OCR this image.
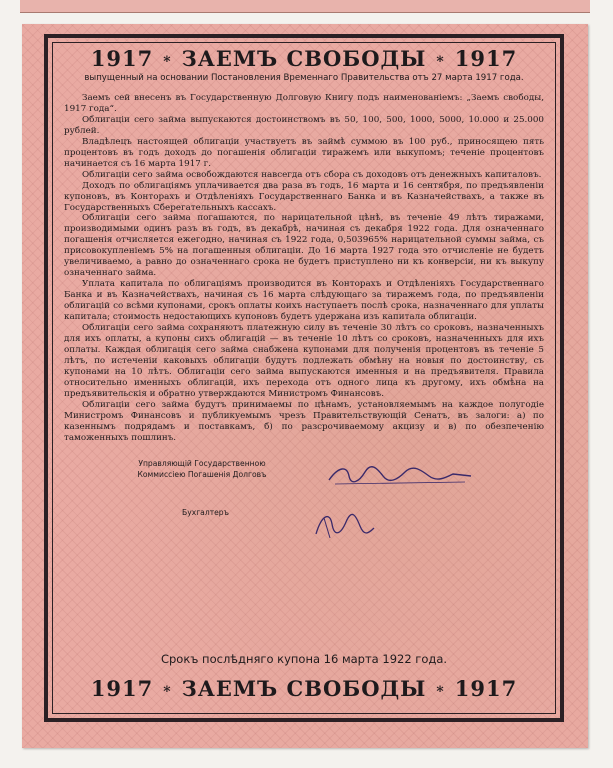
1917 * ЗАЕМЪ СВОБОДЫ * 1917
выпущенный на основании Постановления Временнаго Правительства отъ 27 марта 1917 года.

Заемъ сей внесенъ въ Государственную Долговую Книгу подъ наименованіемъ: „Заемъ свободы, 1917 года“.

Облигаціи сего займа выпускаются достоинствомъ въ 50, 100, 500, 1000, 5000, 10.000 и 25.000 рублей.

Владѣлецъ настоящей облигаціи участвуетъ въ займѣ суммою въ 100 руб., приносящею пять процентовъ въ годъ доходъ до погашенія облигаціи тиражемъ или выкупомъ; теченіе процентовъ начинается съ 16 марта 1917 г.

Облигаціи сего займа освобождаются навсегда отъ сбора съ доходовъ отъ денежныхъ капиталовъ.

Доходъ по облигаціямъ уплачивается два раза въ годъ, 16 марта и 16 сентября, по предъявленіи купоновъ, въ Конторахъ и Отдѣленіяхъ Государственнаго Банка и въ Казначействахъ, а также въ Государственныхъ Сберегательныхъ кассахъ.

Облигаціи сего займа погашаются, по нарицательной цѣнѣ, въ теченіе 49 лѣтъ тиражами, производимыми одинъ разъ въ годъ, въ декабрѣ, начиная съ декабря 1922 года. Для означеннаго погашенія отчисляется ежегодно, начиная съ 1922 года, 0,503965% нарицательной суммы займа, съ присовокупленіемъ 5% на погашенныя облигаціи. До 16 марта 1927 года это отчисленіе не будетъ увеличиваемо, а равно до означеннаго срока не будетъ приступлено ни къ конверсіи, ни къ выкупу означеннаго займа.

Уплата капитала по облигаціямъ производится въ Конторахъ и Отдѣленіяхъ Государственнаго Банка и въ Казначействахъ, начиная съ 16 марта слѣдующаго за тиражемъ года, по предъявленіи облигацій со всѣми купонами, срокъ оплаты коихъ наступаетъ послѣ срока, назначеннаго для уплаты капитала; стоимость недостающихъ купоновъ будетъ удержана изъ капитала облигаціи.

Облигаціи сего займа сохраняютъ платежную силу въ теченіе 30 лѣтъ со сроковъ, назначенныхъ для ихъ оплаты, а купоны сихъ облигацій — въ теченіе 10 лѣтъ со сроковъ, назначенныхъ для ихъ оплаты. Каждая облигація сего займа снабжена купонами для полученія процентовъ въ теченіе 5 лѣтъ, по истеченіи каковыхъ облигаціи будутъ подлежать обмѣну на новыя по достоинству, съ купонами на 10 лѣтъ. Облигаціи сего займа выпускаются именныя и на предъявителя. Правила относительно именныхъ облигацій, ихъ перехода отъ одного лица къ другому, ихъ обмѣна на предъявительскія и обратно утверждаются Министромъ Финансовъ.

Облигаціи сего займа будутъ принимаемы по цѣнамъ, установляемымъ на каждое полугодіе Министромъ Финансовъ и публикуемымъ чрезъ Правительствующій Сенатъ, въ залоги: а) по казеннымъ подрядамъ и поставкамъ, б) по разсрочиваемому акцизу и в) по обезпеченію таможенныхъ пошлинъ.

Управляющій Государственною
Коммиссіею Погашенія Долговъ
Бухгалтеръ
Срокъ послѣдняго купона 16 марта 1922 года.
1917 * ЗАЕМЪ СВОБОДЫ * 1917
